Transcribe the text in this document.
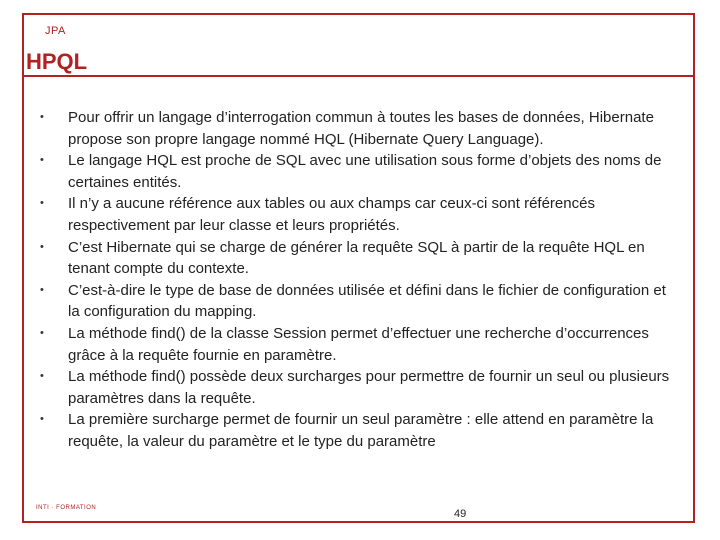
JPA
HPQL
• Pour offrir un langage d’interrogation commun à toutes les bases de données, Hibernate propose son propre langage nommé HQL (Hibernate Query Language).
• Le langage HQL est proche de SQL avec une utilisation sous forme d’objets des noms de certaines entités.
• Il n’y a aucune référence aux tables ou aux champs car ceux-ci sont référencés respectivement par leur classe et leurs propriétés.
• C’est Hibernate qui se charge de générer la requête SQL à partir de la requête HQL en tenant compte du contexte.
• C’est-à-dire le type de base de données utilisée et défini dans le fichier de configuration et la configuration du mapping.
• La méthode find() de la classe Session permet d’effectuer une recherche d’occurrences grâce à la requête fournie en paramètre.
• La méthode find() possède deux surcharges pour permettre de fournir un seul ou plusieurs paramètres dans la requête.
• La première surcharge permet de fournir un seul paramètre : elle attend en paramètre la requête, la valeur du paramètre et le type du paramètre
INTI · FORMATION	49
